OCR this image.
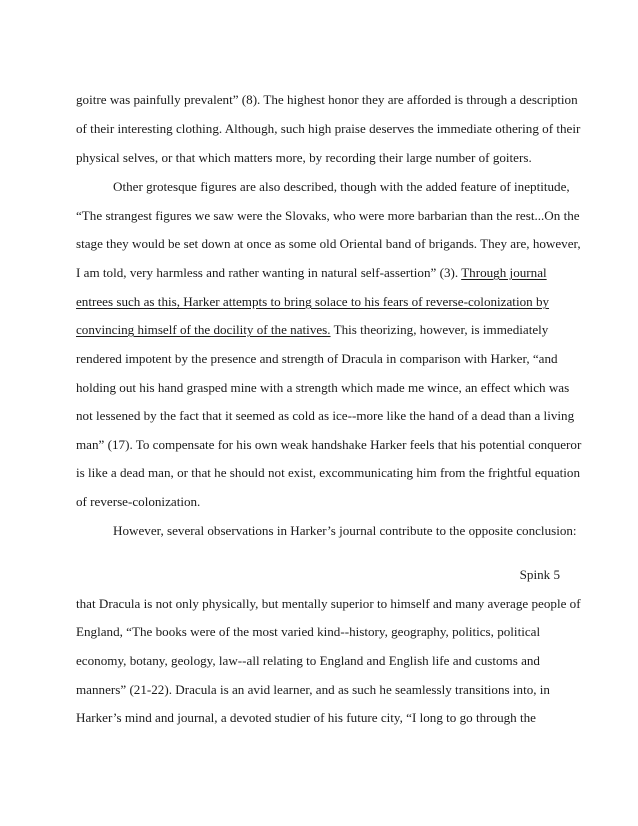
goitre was painfully prevalent” (8). The highest honor they are afforded is through a description
of their interesting clothing. Although, such high praise deserves the immediate othering of their
physical selves, or that which matters more, by recording their large number of goiters.
Other grotesque figures are also described, though with the added feature of ineptitude,
“The strangest figures we saw were the Slovaks, who were more barbarian than the rest...On the
stage they would be set down at once as some old Oriental band of brigands. They are, however,
I am told, very harmless and rather wanting in natural self-assertion” (3). Through journal
entrees such as this, Harker attempts to bring solace to his fears of reverse-colonization by
convincing himself of the docility of the natives. This theorizing, however, is immediately
rendered impotent by the presence and strength of Dracula in comparison with Harker, “and
holding out his hand grasped mine with a strength which made me wince, an effect which was
not lessened by the fact that it seemed as cold as ice--more like the hand of a dead than a living
man” (17). To compensate for his own weak handshake Harker feels that his potential conqueror
is like a dead man, or that he should not exist, excommunicating him from the frightful equation
of reverse-colonization.
However, several observations in Harker’s journal contribute to the opposite conclusion:
Spink 5
that Dracula is not only physically, but mentally superior to himself and many average people of
England, “The books were of the most varied kind--history, geography, politics, political
economy, botany, geology, law--all relating to England and English life and customs and
manners” (21-22). Dracula is an avid learner, and as such he seamlessly transitions into, in
Harker’s mind and journal, a devoted studier of his future city, “I long to go through the
